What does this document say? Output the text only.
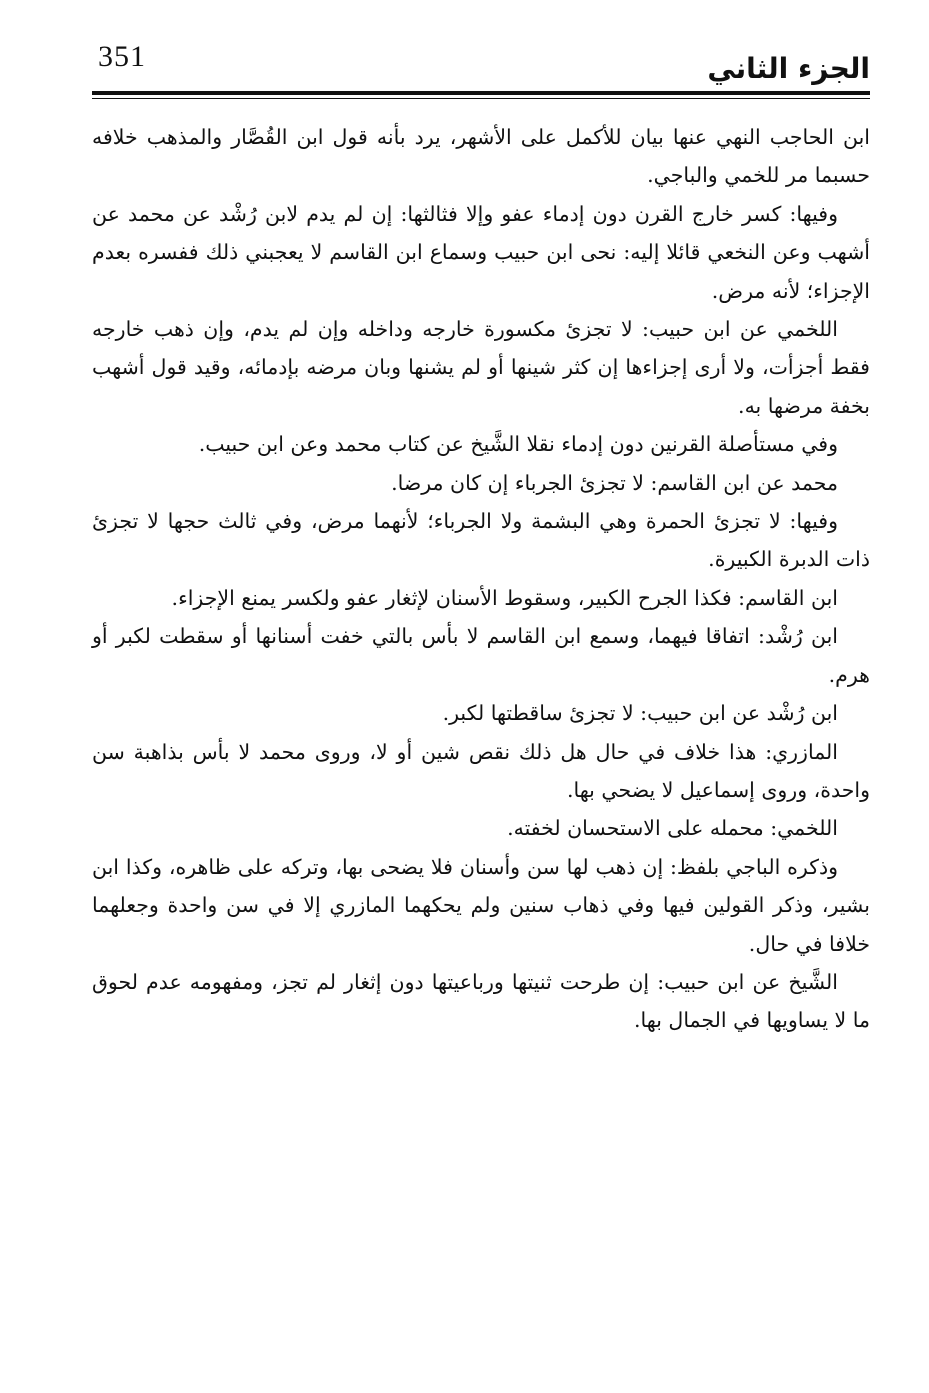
351	الجزء الثاني

ابن الحاجب النهي عنها بيان للأكمل على الأشهر، يرد بأنه قول ابن القُصَّار والمذهب خلافه حسبما مر للخمي والباجي.

وفيها: كسر خارج القرن دون إدماء عفو وإلا فثالثها: إن لم يدم لابن رُشْد عن محمد عن أشهب وعن النخعي قائلا إليه: نحى ابن حبيب وسماع ابن القاسم لا يعجبني ذلك ففسره بعدم الإجزاء؛ لأنه مرض.

اللخمي عن ابن حبيب: لا تجزئ مكسورة خارجه وداخله وإن لم يدم، وإن ذهب خارجه فقط أجزأت، ولا أرى إجزاءها إن كثر شينها أو لم يشنها وبان مرضه بإدمائه، وقيد قول أشهب بخفة مرضها به.

وفي مستأصلة القرنين دون إدماء نقلا الشَّيخ عن كتاب محمد وعن ابن حبيب.

محمد عن ابن القاسم: لا تجزئ الجرباء إن كان مرضا.

وفيها: لا تجزئ الحمرة وهي البشمة ولا الجرباء؛ لأنهما مرض، وفي ثالث حجها لا تجزئ ذات الدبرة الكبيرة.

ابن القاسم: فكذا الجرح الكبير، وسقوط الأسنان لإثغار عفو ولكسر يمنع الإجزاء.

ابن رُشْد: اتفاقا فيهما، وسمع ابن القاسم لا بأس بالتي خفت أسنانها أو سقطت لكبر أو هرم.

ابن رُشْد عن ابن حبيب: لا تجزئ ساقطتها لكبر.

المازري: هذا خلاف في حال هل ذلك نقص شين أو لا، وروى محمد لا بأس بذاهبة سن واحدة، وروى إسماعيل لا يضحي بها.

اللخمي: محمله على الاستحسان لخفته.

وذكره الباجي بلفظ: إن ذهب لها سن وأسنان فلا يضحى بها، وتركه على ظاهره، وكذا ابن بشير، وذكر القولين فيها وفي ذهاب سنين ولم يحكهما المازري إلا في سن واحدة وجعلهما خلافا في حال.

الشَّيخ عن ابن حبيب: إن طرحت ثنيتها ورباعيتها دون إثغار لم تجز، ومفهومه عدم لحوق ما لا يساويها في الجمال بها.
